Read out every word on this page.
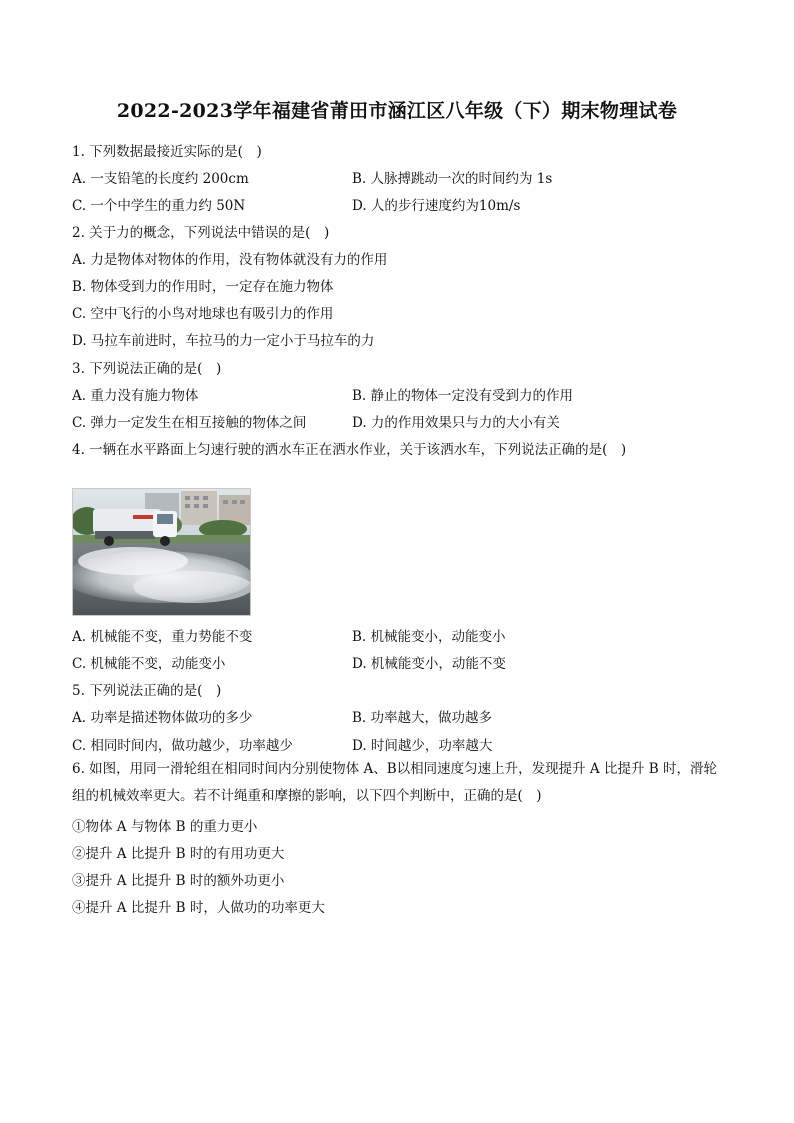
2022-2023学年福建省莆田市涵江区八年级（下）期末物理试卷
1. 下列数据最接近实际的是(　)
A. 一支铅笔的长度约 200cm	B. 人脉搏跳动一次的时间约为 1s
C. 一个中学生的重力约 50N	D. 人的步行速度约为10m/s
2. 关于力的概念，下列说法中错误的是(　)
A. 力是物体对物体的作用，没有物体就没有力的作用
B. 物体受到力的作用时，一定存在施力物体
C. 空中飞行的小鸟对地球也有吸引力的作用
D. 马拉车前进时，车拉马的力一定小于马拉车的力
3. 下列说法正确的是(　)
A. 重力没有施力物体	B. 静止的物体一定没有受到力的作用
C. 弹力一定发生在相互接触的物体之间	D. 力的作用效果只与力的大小有关
4. 一辆在水平路面上匀速行驶的洒水车正在洒水作业，关于该洒水车，下列说法正确的是(　)
A. 机械能不变，重力势能不变	B. 机械能变小，动能变小
C. 机械能不变，动能变小	D. 机械能变小，动能不变
5. 下列说法正确的是(　)
A. 功率是描述物体做功的多少	B. 功率越大，做功越多
C. 相同时间内，做功越少，功率越少	D. 时间越少，功率越大
6. 如图，用同一滑轮组在相同时间内分别使物体 A、B以相同速度匀速上升，发现提升 A 比提升 B 时，滑轮组的机械效率更大。若不计绳重和摩擦的影响，以下四个判断中，正确的是(　)
①物体 A 与物体 B 的重力更小
②提升 A 比提升 B 时的有用功更大
③提升 A 比提升 B 时的额外功更小
④提升 A 比提升 B 时，人做功的功率更大
